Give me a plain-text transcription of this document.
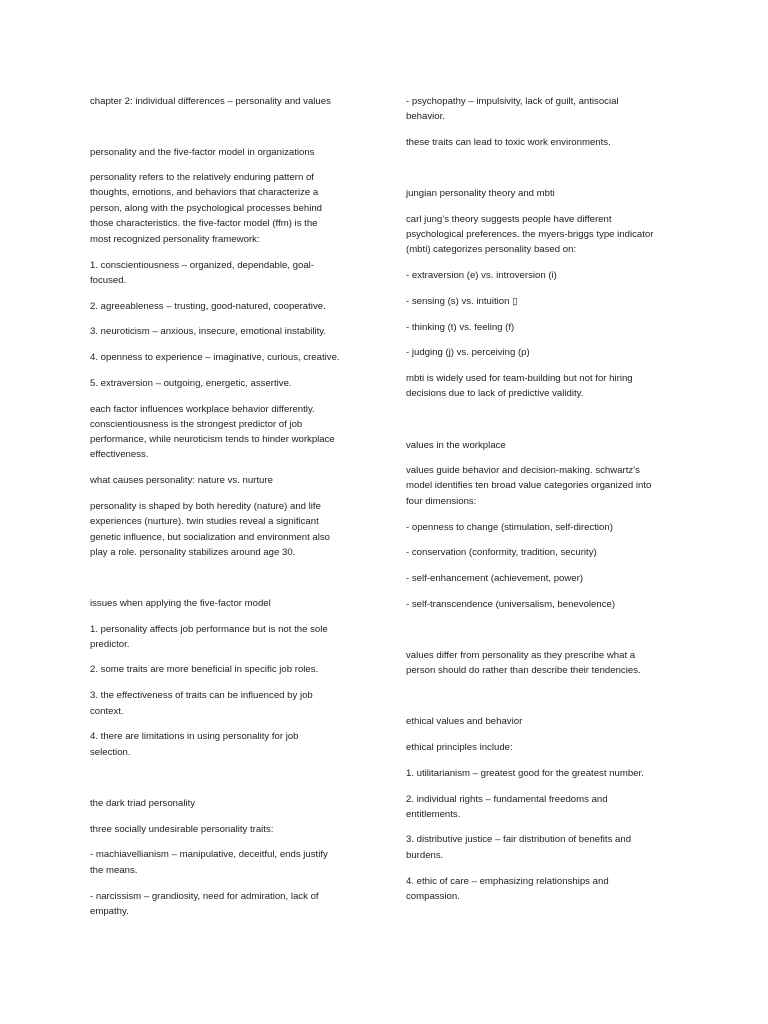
chapter 2: individual differences – personality and values

personality and the five-factor model in organizations

personality refers to the relatively enduring pattern of

thoughts, emotions, and behaviors that characterize a

person, along with the psychological processes behind

those characteristics. the five-factor model (ffm) is the

most recognized personality framework:

1. conscientiousness – organized, dependable, goal-

focused.

2. agreeableness – trusting, good-natured, cooperative.

3. neuroticism – anxious, insecure, emotional instability.

4. openness to experience – imaginative, curious, creative.

5. extraversion – outgoing, energetic, assertive.

each factor influences workplace behavior differently.

conscientiousness is the strongest predictor of job

performance, while neuroticism tends to hinder workplace

effectiveness.

what causes personality: nature vs. nurture

personality is shaped by both heredity (nature) and life

experiences (nurture). twin studies reveal a significant

genetic influence, but socialization and environment also

play a role. personality stabilizes around age 30.

issues when applying the five-factor model

1. personality affects job performance but is not the sole

predictor.

2. some traits are more beneficial in specific job roles.

3. the effectiveness of traits can be influenced by job

context.

4. there are limitations in using personality for job

selection.

the dark triad personality

three socially undesirable personality traits:

- machiavellianism – manipulative, deceitful, ends justify

the means.

- narcissism – grandiosity, need for admiration, lack of

empathy.

- psychopathy – impulsivity, lack of guilt, antisocial

behavior.

these traits can lead to toxic work environments.

jungian personality theory and mbti

carl jung’s theory suggests people have different

psychological preferences. the myers-briggs type indicator

(mbti) categorizes personality based on:

- extraversion (e) vs. introversion (i)

- sensing (s) vs. intuition ▯

- thinking (t) vs. feeling (f)

- judging (j) vs. perceiving (p)

mbti is widely used for team-building but not for hiring

decisions due to lack of predictive validity.

values in the workplace

values guide behavior and decision-making. schwartz’s

model identifies ten broad value categories organized into

four dimensions:

- openness to change (stimulation, self-direction)

- conservation (conformity, tradition, security)

- self-enhancement (achievement, power)

- self-transcendence (universalism, benevolence)

values differ from personality as they prescribe what a

person should do rather than describe their tendencies.

ethical values and behavior

ethical principles include:

1. utilitarianism – greatest good for the greatest number.

2. individual rights – fundamental freedoms and

entitlements.

3. distributive justice – fair distribution of benefits and

burdens.

4. ethic of care – emphasizing relationships and

compassion.
